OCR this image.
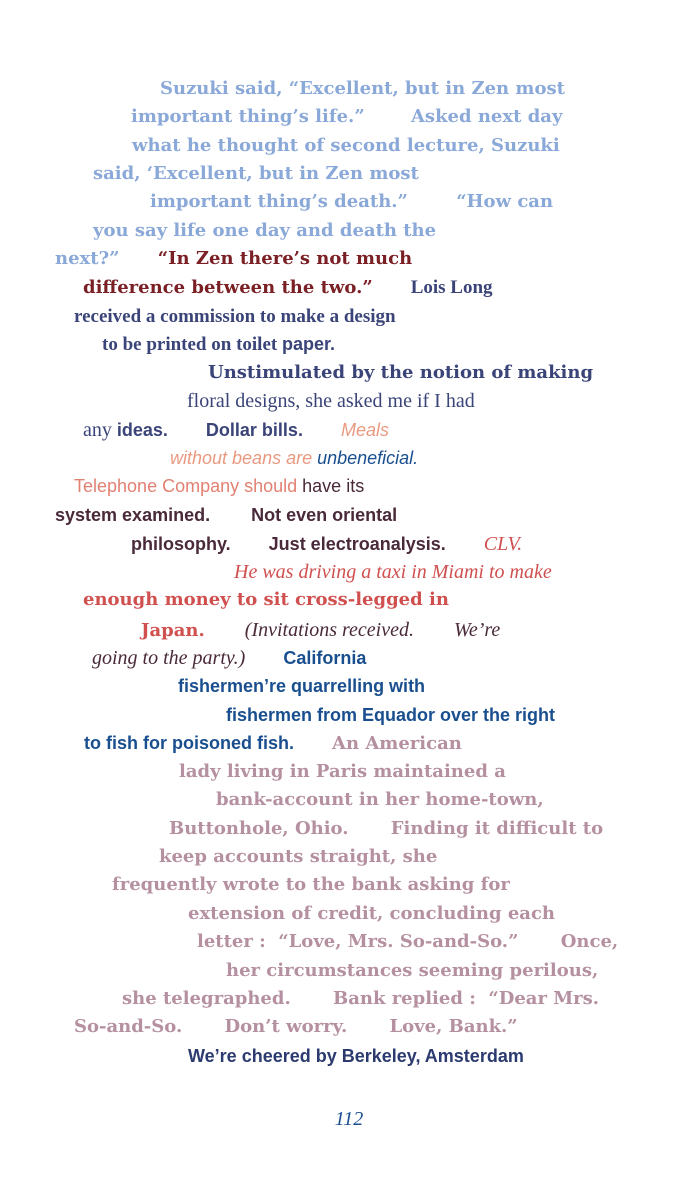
Suzuki said, “Excellent, but in Zen most
important thing’s life.”	Asked next day
what he thought of second lecture, Suzuki
said, ‘Excellent, but in Zen most
important thing’s death.”	“How can
you say life one day and death the
next?” “In Zen there’s not much
difference between the two.” Lois Long
received a commission to make a design
to be printed on toilet paper.
Unstimulated by the notion of making
floral designs, she asked me if I had
any ideas. Dollar bills. Meals
without beans are unbeneficial.
Telephone Company should have its
system examined. Not even oriental
philosophy. Just electroanalysis. CLV.
He was driving a taxi in Miami to make
enough money to sit cross-legged in
Japan. (Invitations received. We’re
going to the party.) California
fishermen’re quarrelling with
fishermen from Equador over the right
to fish for poisoned fish. An American
lady living in Paris maintained a
bank-account in her home-town,
Buttonhole, Ohio. Finding it difficult to
keep accounts straight, she
frequently wrote to the bank asking for
extension of credit, concluding each
letter :  “Love, Mrs. So-and-So.” Once,
her circumstances seeming perilous,
she telegraphed. Bank replied :  “Dear Mrs.
So-and-So. Don’t worry. Love, Bank.”
We’re cheered by Berkeley, Amsterdam
112
